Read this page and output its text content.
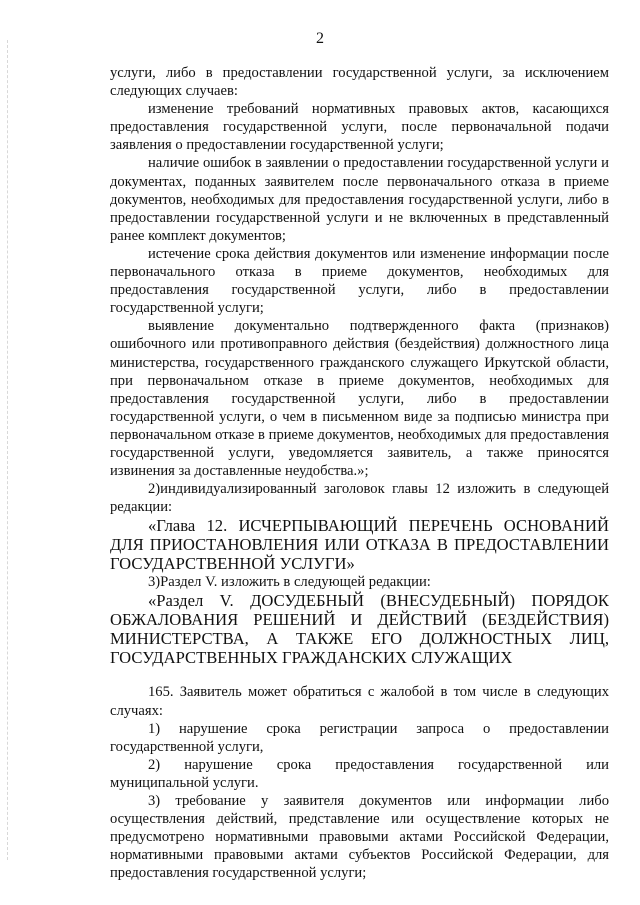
2

услуги, либо в предоставлении государственной услуги, за исключением следующих случаев:

изменение требований нормативных правовых актов, касающихся предоставления государственной услуги, после первоначальной подачи заявления о предоставлении государственной услуги;

наличие ошибок в заявлении о предоставлении государственной услуги и документах, поданных заявителем после первоначального отказа в приеме документов, необходимых для предоставления государственной услуги, либо в предоставлении государственной услуги и не включенных в представленный ранее комплект документов;

истечение срока действия документов или изменение информации после первоначального отказа в приеме документов, необходимых для предоставления государственной услуги, либо в предоставлении государственной услуги;

выявление документально подтвержденного факта (признаков) ошибочного или противоправного действия (бездействия) должностного лица министерства, государственного гражданского служащего Иркутской области, при первоначальном отказе в приеме документов, необходимых для предоставления государственной услуги, либо в предоставлении государственной услуги, о чем в письменном виде за подписью министра при первоначальном отказе в приеме документов, необходимых для предоставления государственной услуги, уведомляется заявитель, а также приносятся извинения за доставленные неудобства.»;

2)индивидуализированный заголовок главы 12 изложить в следующей редакции:

«Глава 12. ИСЧЕРПЫВАЮЩИЙ ПЕРЕЧЕНЬ ОСНОВАНИЙ ДЛЯ ПРИОСТАНОВЛЕНИЯ ИЛИ ОТКАЗА В ПРЕДОСТАВЛЕНИИ ГОСУДАРСТВЕННОЙ УСЛУГИ»

3)Раздел V. изложить в следующей редакции:

«Раздел V. ДОСУДЕБНЫЙ (ВНЕСУДЕБНЫЙ) ПОРЯДОК ОБЖАЛОВАНИЯ РЕШЕНИЙ И ДЕЙСТВИЙ (БЕЗДЕЙСТВИЯ) МИНИСТЕРСТВА, А ТАКЖЕ ЕГО ДОЛЖНОСТНЫХ ЛИЦ, ГОСУДАРСТВЕННЫХ ГРАЖДАНСКИХ СЛУЖАЩИХ

165. Заявитель может обратиться с жалобой в том числе в следующих случаях:

1) нарушение срока регистрации запроса о предоставлении государственной услуги,

2) нарушение срока предоставления государственной или муниципальной услуги.

3) требование у заявителя документов или информации либо осуществления действий, представление или осуществление которых не предусмотрено нормативными правовыми актами Российской Федерации, нормативными правовыми актами субъектов Российской Федерации, для предоставления государственной услуги;
